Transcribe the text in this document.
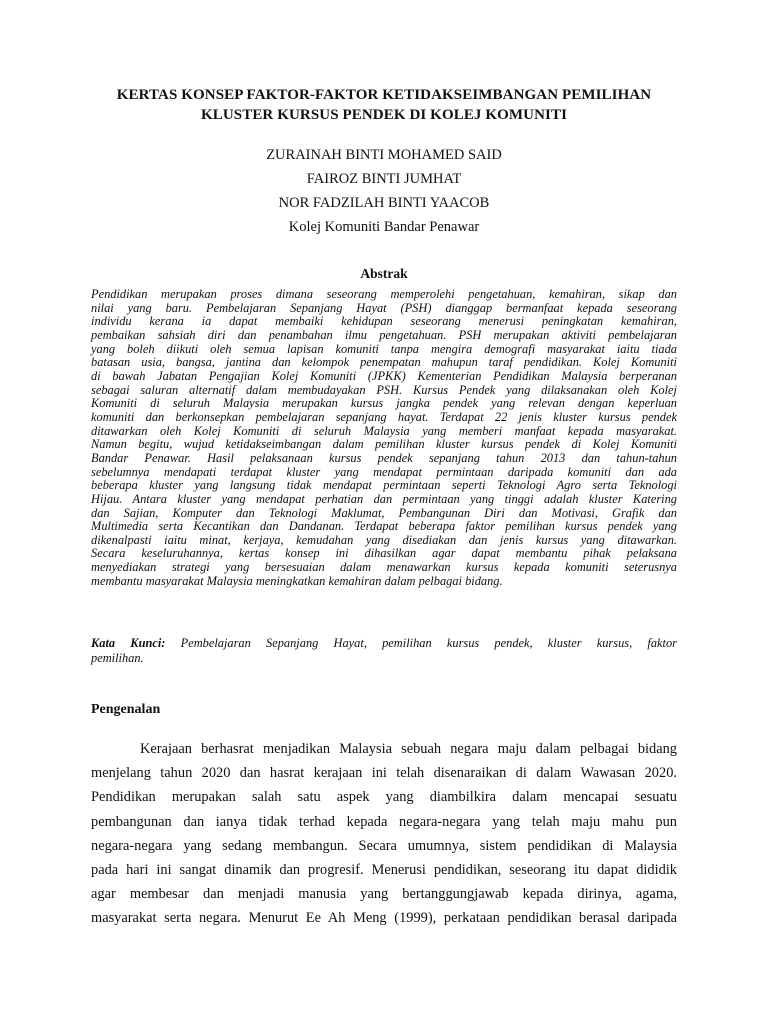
KERTAS KONSEP FAKTOR-FAKTOR KETIDAKSEIMBANGAN PEMILIHAN
KLUSTER KURSUS PENDEK DI KOLEJ KOMUNITI
ZURAINAH BINTI MOHAMED SAID
FAIROZ BINTI JUMHAT
NOR FADZILAH BINTI YAACOB
Kolej Komuniti Bandar Penawar
Abstrak
Pendidikan merupakan proses dimana seseorang memperolehi pengetahuan, kemahiran, sikap dan
nilai yang baru. Pembelajaran Sepanjang Hayat (PSH) dianggap bermanfaat kepada seseorang
individu kerana ia dapat membaiki kehidupan seseorang menerusi peningkatan kemahiran,
pembaikan sahsiah diri dan penambahan ilmu pengetahuan. PSH merupakan aktiviti pembelajaran
yang boleh diikuti oleh semua lapisan komuniti tanpa mengira demografi masyarakat iaitu tiada
batasan usia, bangsa, jantina dan kelompok penempatan mahupun taraf pendidikan. Kolej Komuniti
di bawah Jabatan Pengajian Kolej Komuniti (JPKK) Kementerian Pendidikan Malaysia berperanan
sebagai saluran alternatif dalam membudayakan PSH. Kursus Pendek yang dilaksanakan oleh Kolej
Komuniti di seluruh Malaysia merupakan kursus jangka pendek yang relevan dengan keperluan
komuniti dan berkonsepkan pembelajaran sepanjang hayat. Terdapat 22 jenis kluster kursus pendek
ditawarkan oleh Kolej Komuniti di seluruh Malaysia yang memberi manfaat kepada masyarakat.
Namun begitu, wujud ketidakseimbangan dalam pemilihan kluster kursus pendek di Kolej Komuniti
Bandar Penawar. Hasil pelaksanaan kursus pendek sepanjang tahun 2013 dan tahun-tahun
sebelumnya mendapati terdapat kluster yang mendapat permintaan daripada komuniti dan ada
beberapa kluster yang langsung tidak mendapat permintaan seperti Teknologi Agro serta Teknologi
Hijau. Antara kluster yang mendapat perhatian dan permintaan yang tinggi adalah kluster Katering
dan Sajian, Komputer dan Teknologi Maklumat, Pembangunan Diri dan Motivasi, Grafik dan
Multimedia serta Kecantikan dan Dandanan. Terdapat beberapa faktor pemilihan kursus pendek yang
dikenalpasti iaitu minat, kerjaya, kemudahan yang disediakan dan jenis kursus yang ditawarkan.
Secara keseluruhannya, kertas konsep ini dihasilkan agar dapat membantu pihak pelaksana
menyediakan strategi yang bersesuaian dalam menawarkan kursus kepada komuniti seterusnya
membantu masyarakat Malaysia meningkatkan kemahiran dalam pelbagai bidang.
Kata Kunci: Pembelajaran Sepanjang Hayat, pemilihan kursus pendek, kluster kursus, faktor
pemilihan.
Pengenalan
Kerajaan berhasrat menjadikan Malaysia sebuah negara maju dalam pelbagai bidang
menjelang tahun 2020 dan hasrat kerajaan ini telah disenaraikan di dalam Wawasan 2020.
Pendidikan merupakan salah satu aspek yang diambilkira dalam mencapai sesuatu
pembangunan dan ianya tidak terhad kepada negara-negara yang telah maju mahu pun
negara-negara yang sedang membangun. Secara umumnya, sistem pendidikan di Malaysia
pada hari ini sangat dinamik dan progresif. Menerusi pendidikan, seseorang itu dapat dididik
agar membesar dan menjadi manusia yang bertanggungjawab kepada dirinya, agama,
masyarakat serta negara. Menurut Ee Ah Meng (1999), perkataan pendidikan berasal daripada
